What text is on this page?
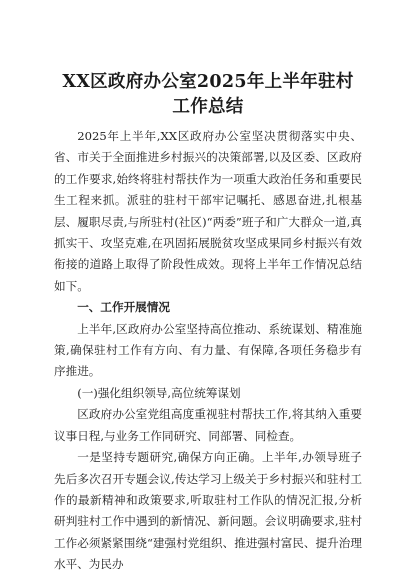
XX区政府办公室2025年上半年驻村工作总结

2025年上半年,XX区政府办公室坚决贯彻落实中央、省、市关于全面推进乡村振兴的决策部署,以及区委、区政府的工作要求,始终将驻村帮扶作为一项重大政治任务和重要民生工程来抓。派驻的驻村干部牢记嘱托、感恩奋进,扎根基层、履职尽责,与所驻村(社区)“两委”班子和广大群众一道,真抓实干、攻坚克难,在巩固拓展脱贫攻坚成果同乡村振兴有效衔接的道路上取得了阶段性成效。现将上半年工作情况总结如下。

一、工作开展情况

上半年,区政府办公室坚持高位推动、系统谋划、精准施策,确保驻村工作有方向、有力量、有保障,各项任务稳步有序推进。

(一)强化组织领导,高位统筹谋划

区政府办公室党组高度重视驻村帮扶工作,将其纳入重要议事日程,与业务工作同研究、同部署、同检查。

一是坚持专题研究,确保方向正确。上半年,办领导班子先后多次召开专题会议,传达学习上级关于乡村振兴和驻村工作的最新精神和政策要求,听取驻村工作队的情况汇报,分析研判驻村工作中遇到的新情况、新问题。会议明确要求,驻村工作必须紧紧围绕“建强村党组织、推进强村富民、提升治理水平、为民办
